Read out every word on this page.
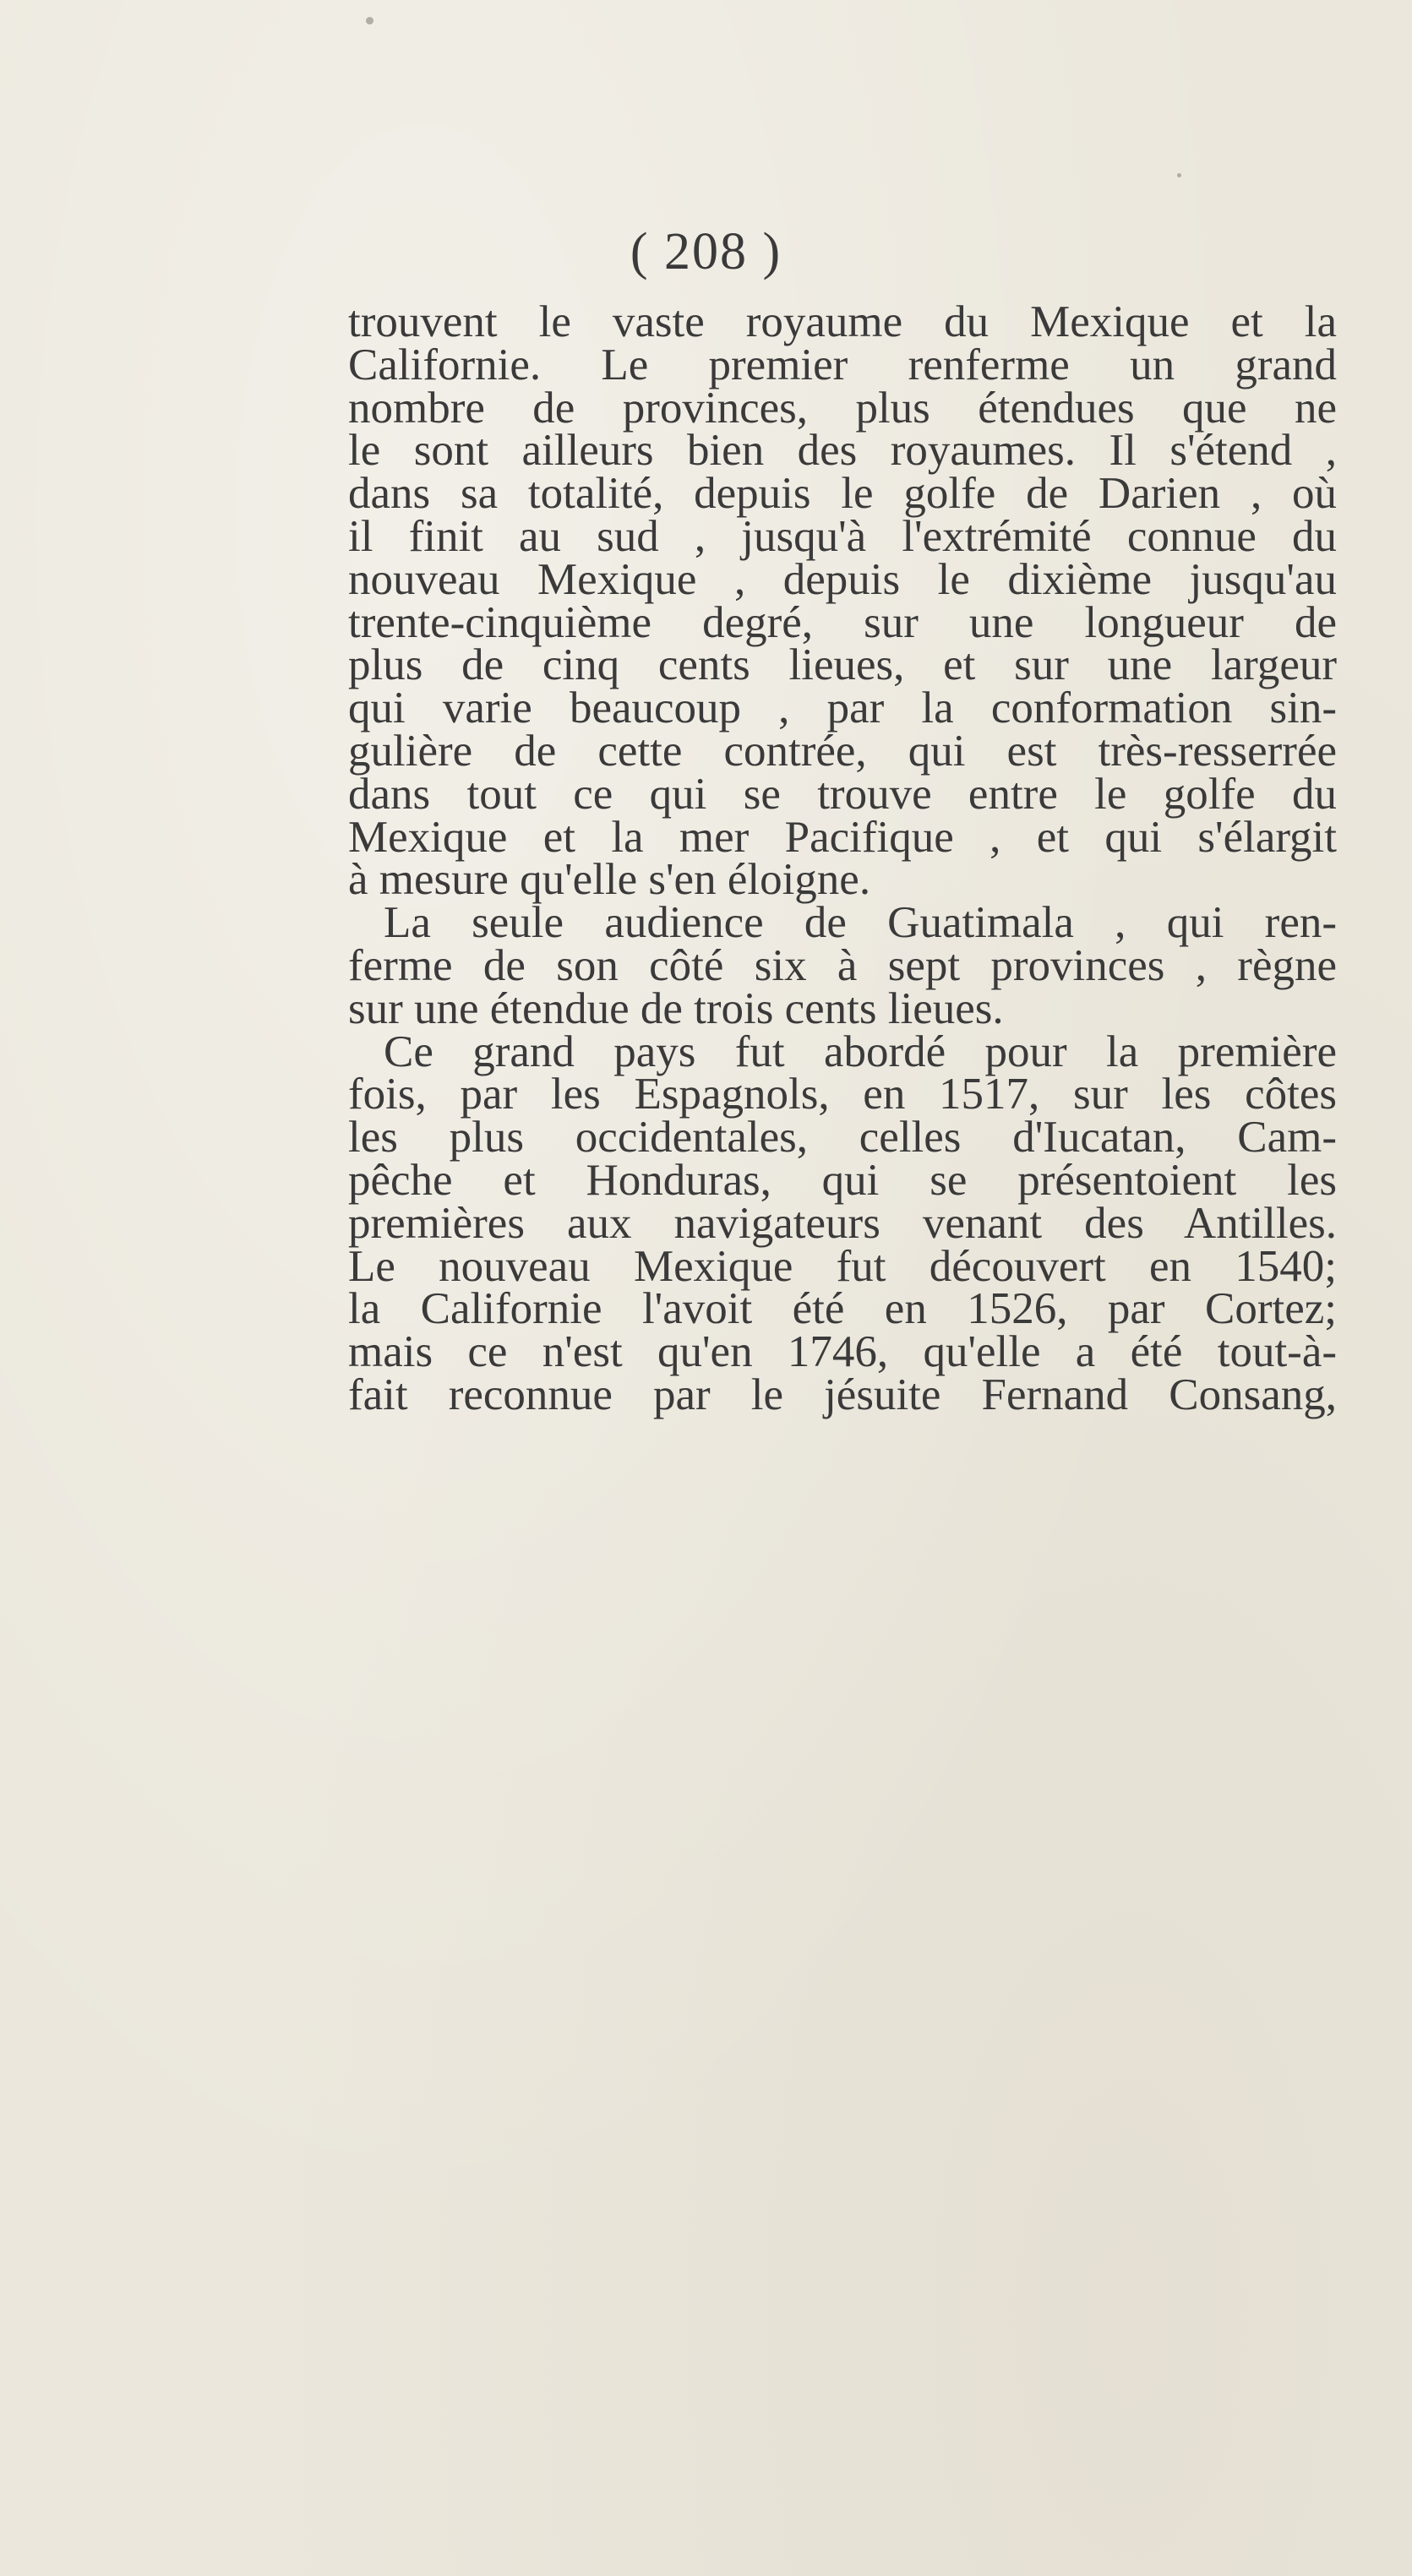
( 208 )
trouvent le vaste royaume du Mexique et la
Californie. Le premier renferme un grand
nombre de provinces, plus étendues que ne
le sont ailleurs bien des royaumes. Il s'étend ,
dans sa totalité, depuis le golfe de Darien , où
il finit au sud , jusqu'à l'extrémité connue du
nouveau Mexique , depuis le dixième jusqu'au
trente-cinquième degré, sur une longueur de
plus de cinq cents lieues, et sur une largeur
qui varie beaucoup , par la conformation sin-
gulière de cette contrée, qui est très-resserrée
dans tout ce qui se trouve entre le golfe du
Mexique et la mer Pacifique , et qui s'élargit
à mesure qu'elle s'en éloigne.
La seule audience de Guatimala , qui ren-
ferme de son côté six à sept provinces , règne
sur une étendue de trois cents lieues.
Ce grand pays fut abordé pour la première
fois, par les Espagnols, en 1517, sur les côtes
les plus occidentales, celles d'Iucatan, Cam-
pêche et Honduras, qui se présentoient les
premières aux navigateurs venant des Antilles.
Le nouveau Mexique fut découvert en 1540;
la Californie l'avoit été en 1526, par Cortez;
mais ce n'est qu'en 1746, qu'elle a été tout-à-
fait reconnue par le jésuite Fernand Consang,
